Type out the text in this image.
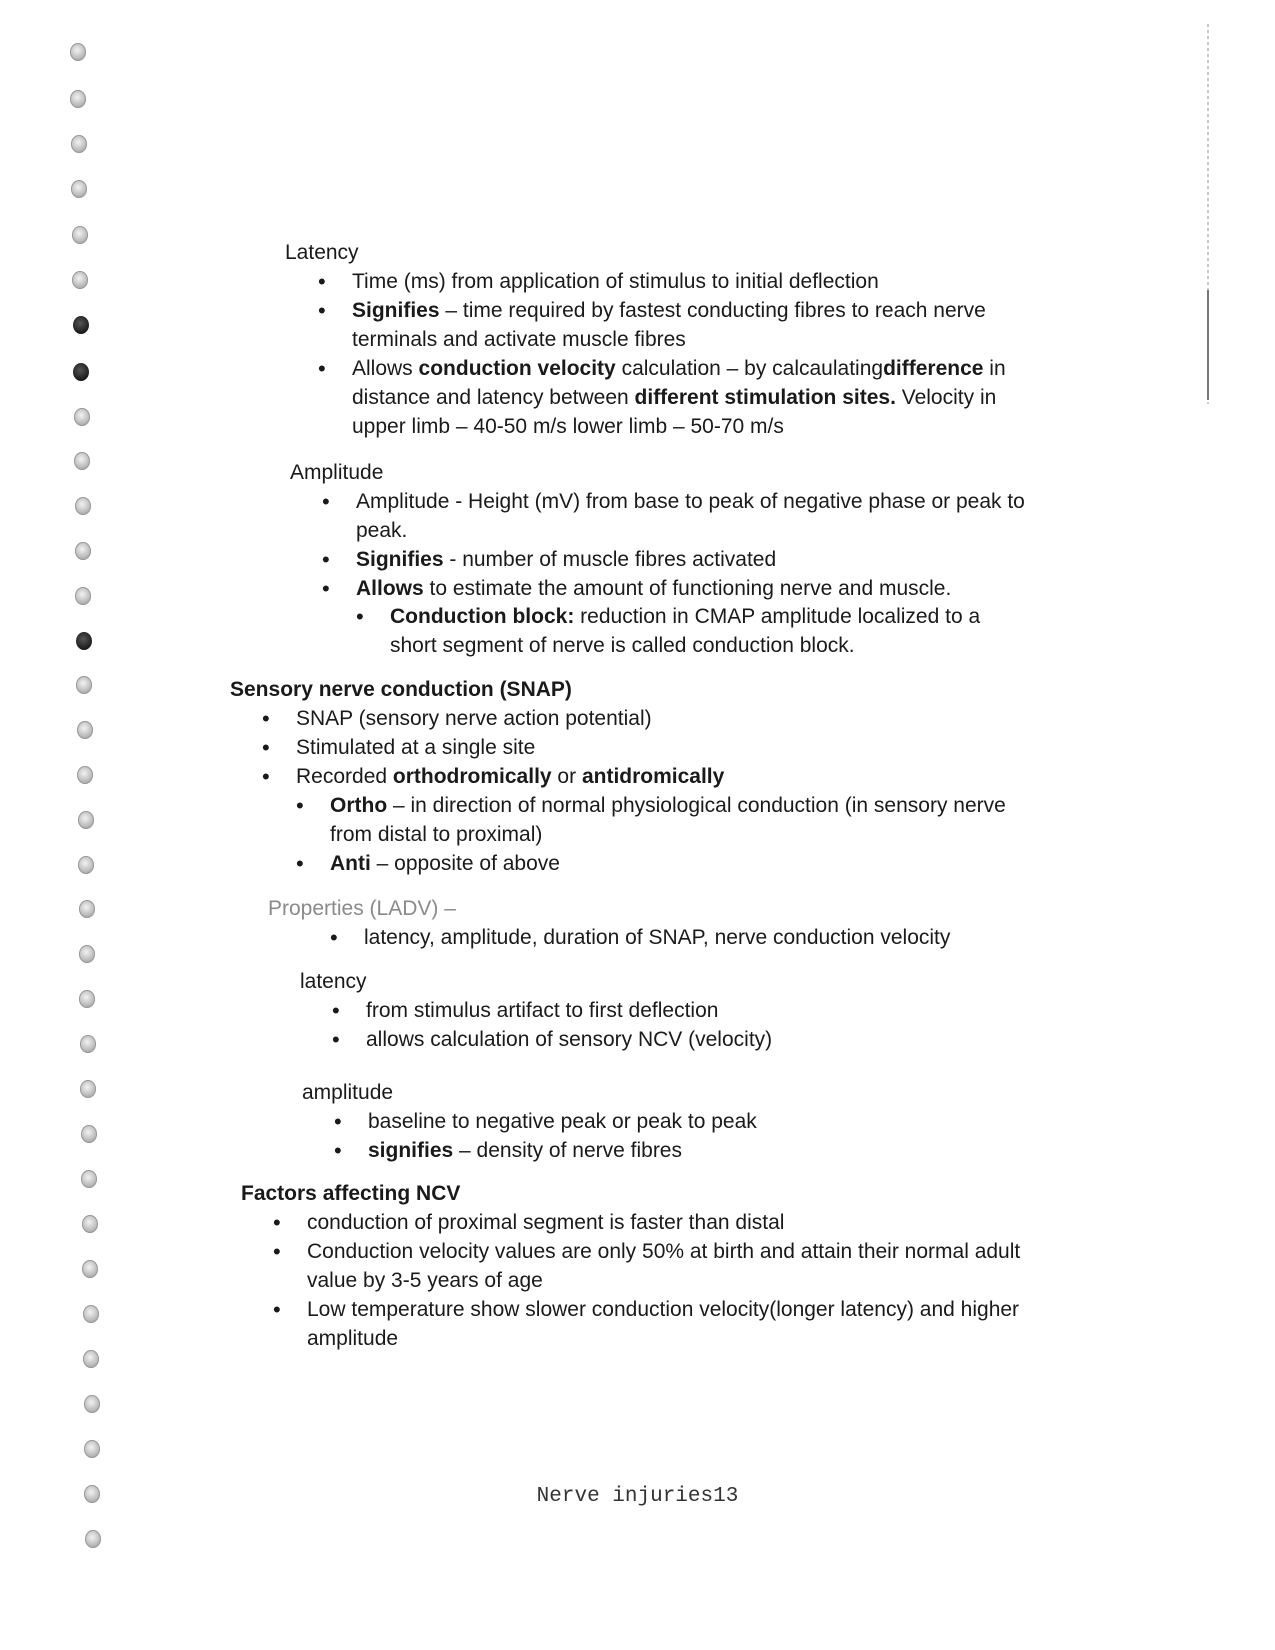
Latency
• Time (ms) from application of stimulus to initial deflection
• Signifies – time required by fastest conducting fibres to reach nerve terminals and activate muscle fibres
• Allows conduction velocity calculation – by calcaulatingdifference in distance and latency between different stimulation sites. Velocity in upper limb – 40-50 m/s lower limb – 50-70 m/s
Amplitude
• Amplitude - Height (mV) from base to peak of negative phase or peak to peak.
• Signifies - number of muscle fibres activated
• Allows to estimate the amount of functioning nerve and muscle.
• Conduction block: reduction in CMAP amplitude localized to a short segment of nerve is called conduction block.
Sensory nerve conduction (SNAP)
• SNAP (sensory nerve action potential)
• Stimulated at a single site
• Recorded orthodromically or antidromically
• Ortho – in direction of normal physiological conduction (in sensory nerve from distal to proximal)
• Anti – opposite of above
Properties (LADV) –
• latency, amplitude, duration of SNAP, nerve conduction velocity
latency
• from stimulus artifact to first deflection
• allows calculation of sensory NCV (velocity)
amplitude
• baseline to negative peak or peak to peak
• signifies – density of nerve fibres
Factors affecting NCV
• conduction of proximal segment is faster than distal
• Conduction velocity values are only 50% at birth and attain their normal adult value by 3-5 years of age
• Low temperature show slower conduction velocity(longer latency) and higher amplitude
Nerve injuries13
